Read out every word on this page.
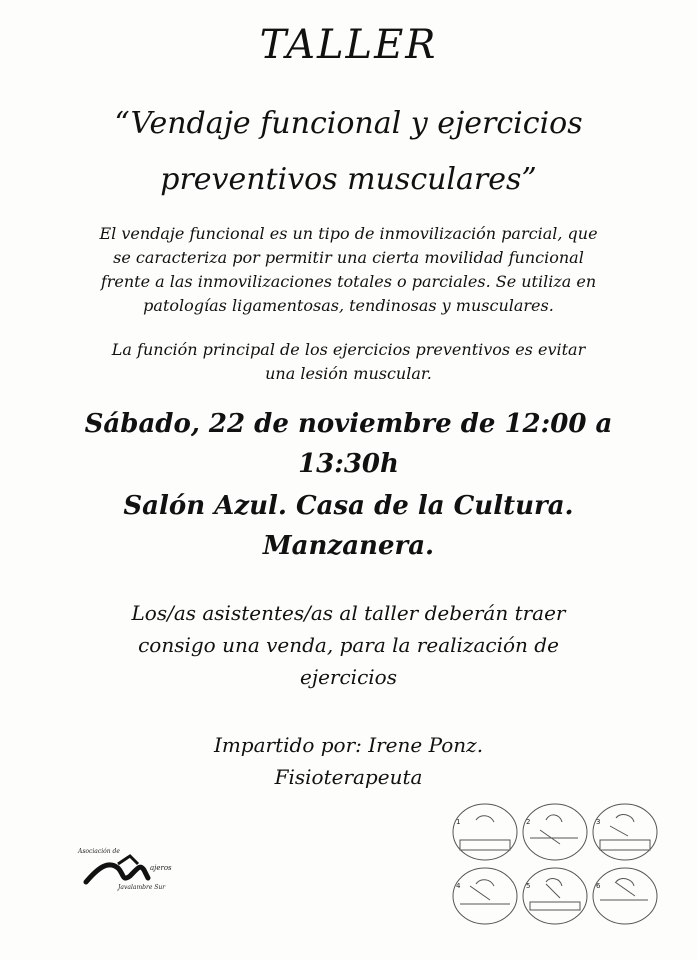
TALLER
“Vendaje funcional y ejercicios
preventivos musculares”
El vendaje funcional es un tipo de inmovilización parcial, que
se caracteriza por permitir una cierta movilidad funcional
frente a las inmovilizaciones totales o parciales. Se utiliza en
patologías ligamentosas, tendinosas y musculares.
La función principal de los ejercicios preventivos es evitar
una lesión muscular.
Sábado, 22 de noviembre de 12:00 a
13:30h
Salón Azul. Casa de la Cultura.
Manzanera.
Los/as asistentes/as al taller deberán traer
consigo una venda, para la realización de
ejercicios
Impartido por: Irene Ponz.
Fisioterapeuta
Asociación de
ajeros
Javalambre Sur
1	2	3
4	5	6
